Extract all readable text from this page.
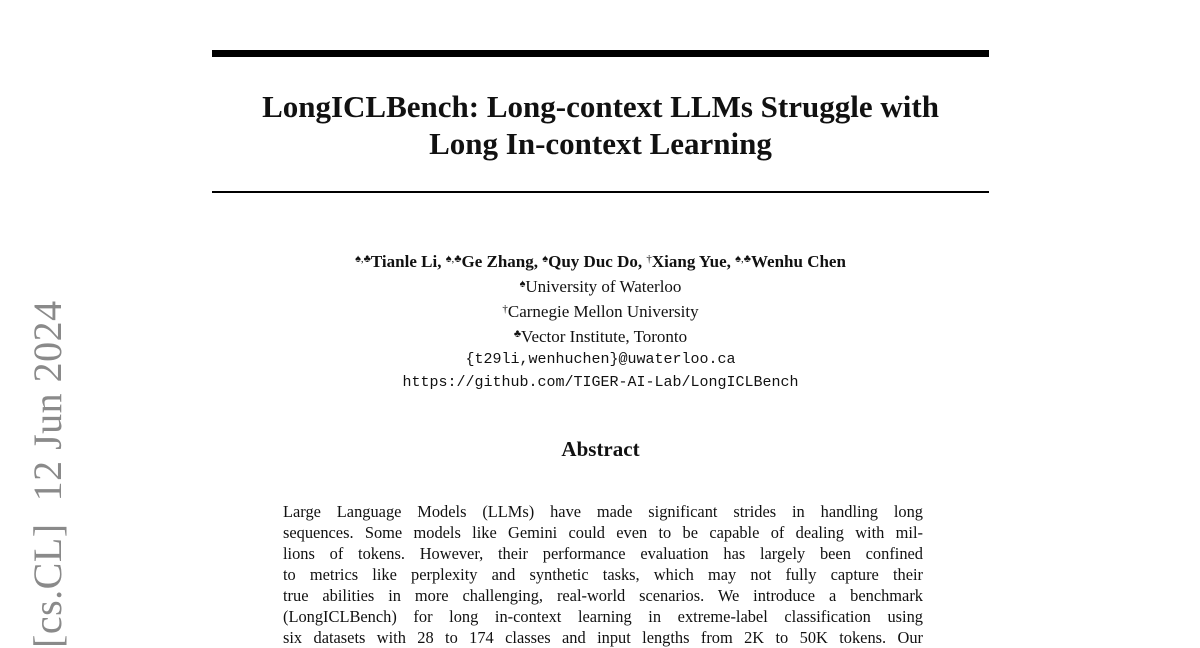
[cs.CL]12 Jun 2024
LongICLBench: Long-context LLMs Struggle with
Long In-context Learning
♠,♣Tianle Li, ♠,♣Ge Zhang, ♠Quy Duc Do, †Xiang Yue, ♠,♣Wenhu Chen
♠University of Waterloo
†Carnegie Mellon University
♣Vector Institute, Toronto
{t29li,wenhuchen}@uwaterloo.ca
https://github.com/TIGER-AI-Lab/LongICLBench
Abstract
Large Language Models (LLMs) have made significant strides in handling long
sequences. Some models like Gemini could even to be capable of dealing with mil-
lions of tokens. However, their performance evaluation has largely been confined
to metrics like perplexity and synthetic tasks, which may not fully capture their
true abilities in more challenging, real-world scenarios. We introduce a benchmark
(LongICLBench) for long in-context learning in extreme-label classification using
six datasets with 28 to 174 classes and input lengths from 2K to 50K tokens. Our
